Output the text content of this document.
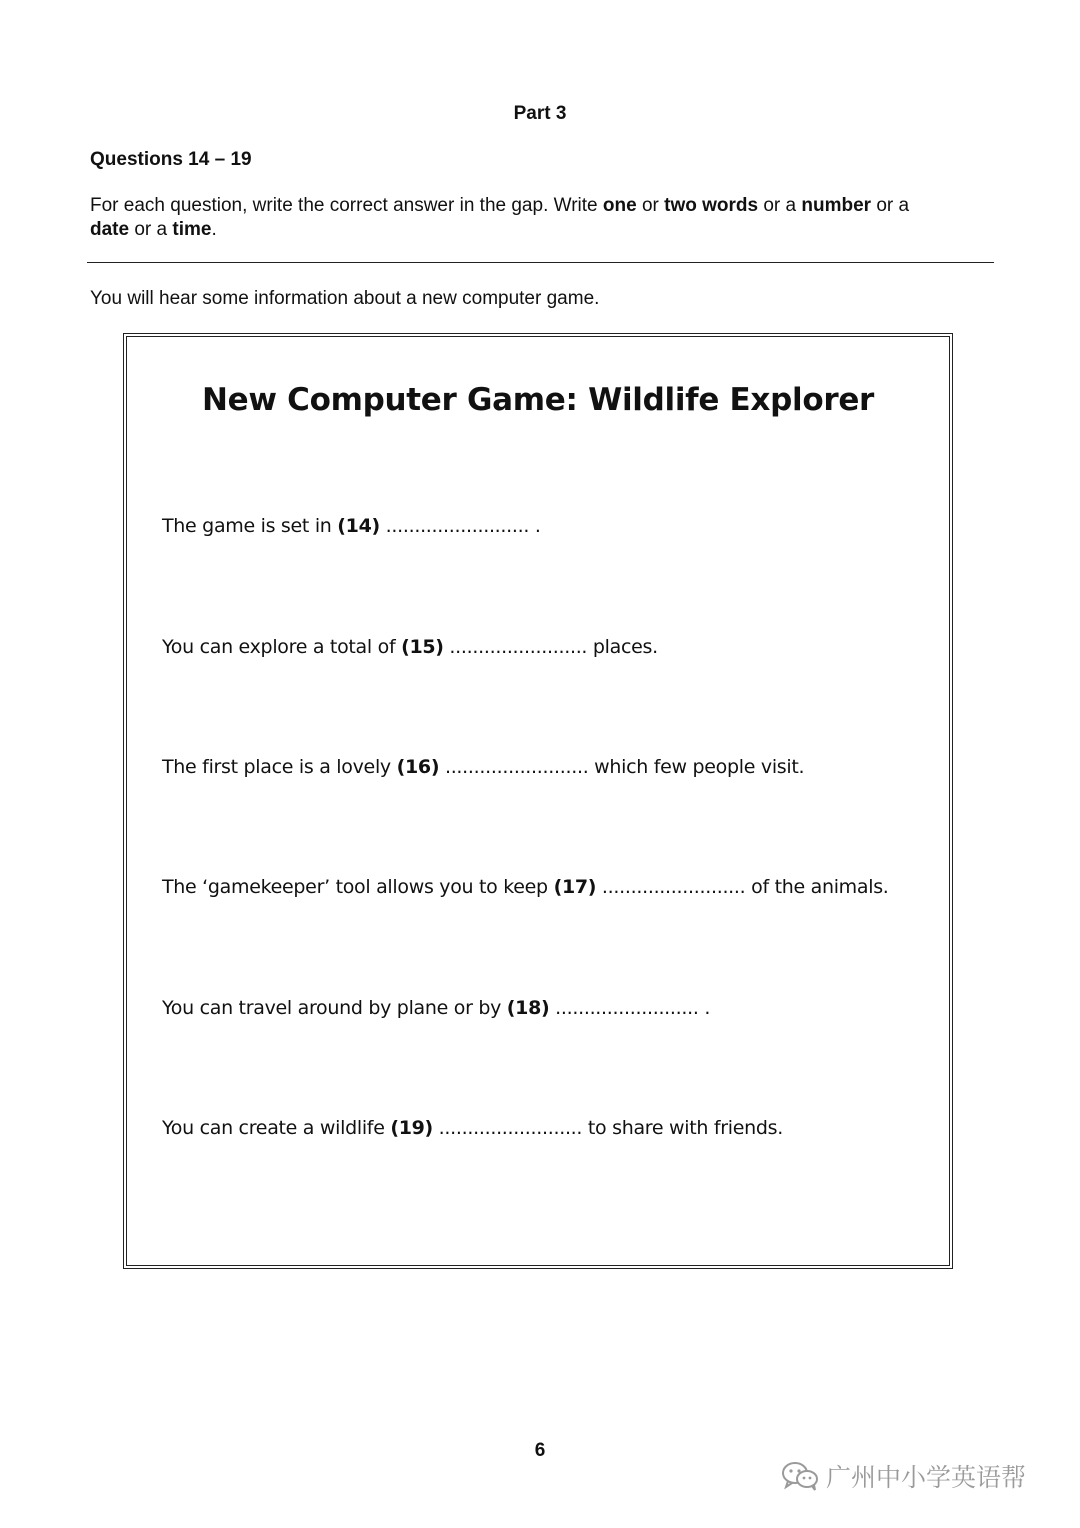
Part 3
Questions 14 – 19
For each question, write the correct answer in the gap. Write one or two words or a number or a
date or a time.
You will hear some information about a new computer game.
New Computer Game: Wildlife Explorer
The game is set in (14) ......................... .
You can explore a total of (15) ........................ places.
The first place is a lovely (16) ......................... which few people visit.
The ‘gamekeeper’ tool allows you to keep (17) ......................... of the animals.
You can travel around by plane or by (18) ......................... .
You can create a wildlife (19) ......................... to share with friends.
6
广州中小学英语帮
